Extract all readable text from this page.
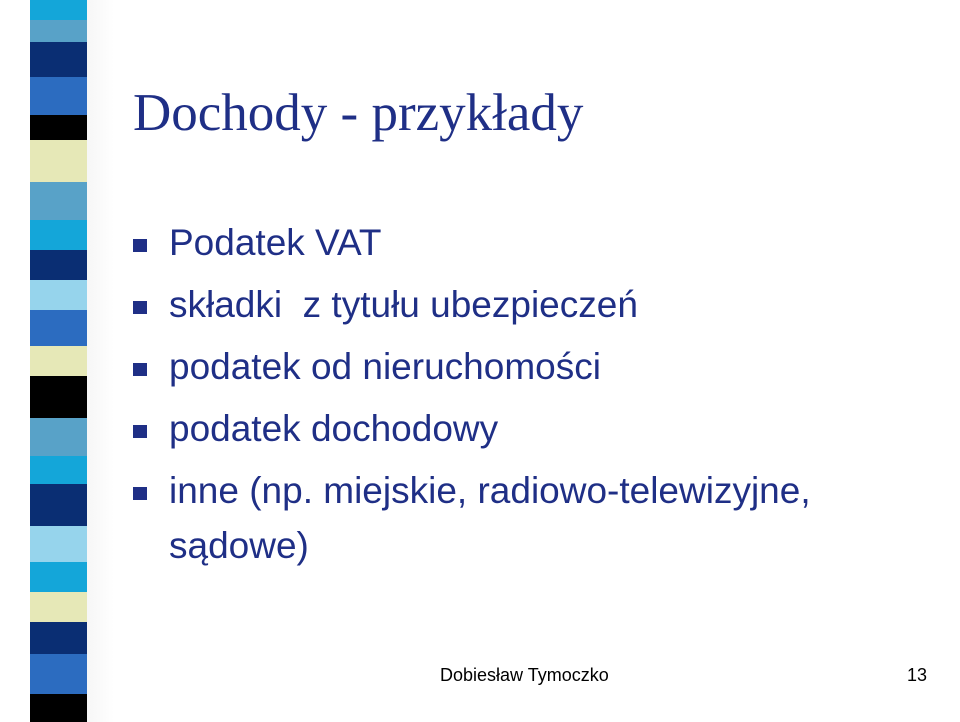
Dochody - przykłady
Podatek VAT
składki  z tytułu ubezpieczeń
podatek od nieruchomości
podatek dochodowy
inne (np. miejskie, radiowo-telewizyjne, sądowe)
Dobiesław Tymoczko	13
